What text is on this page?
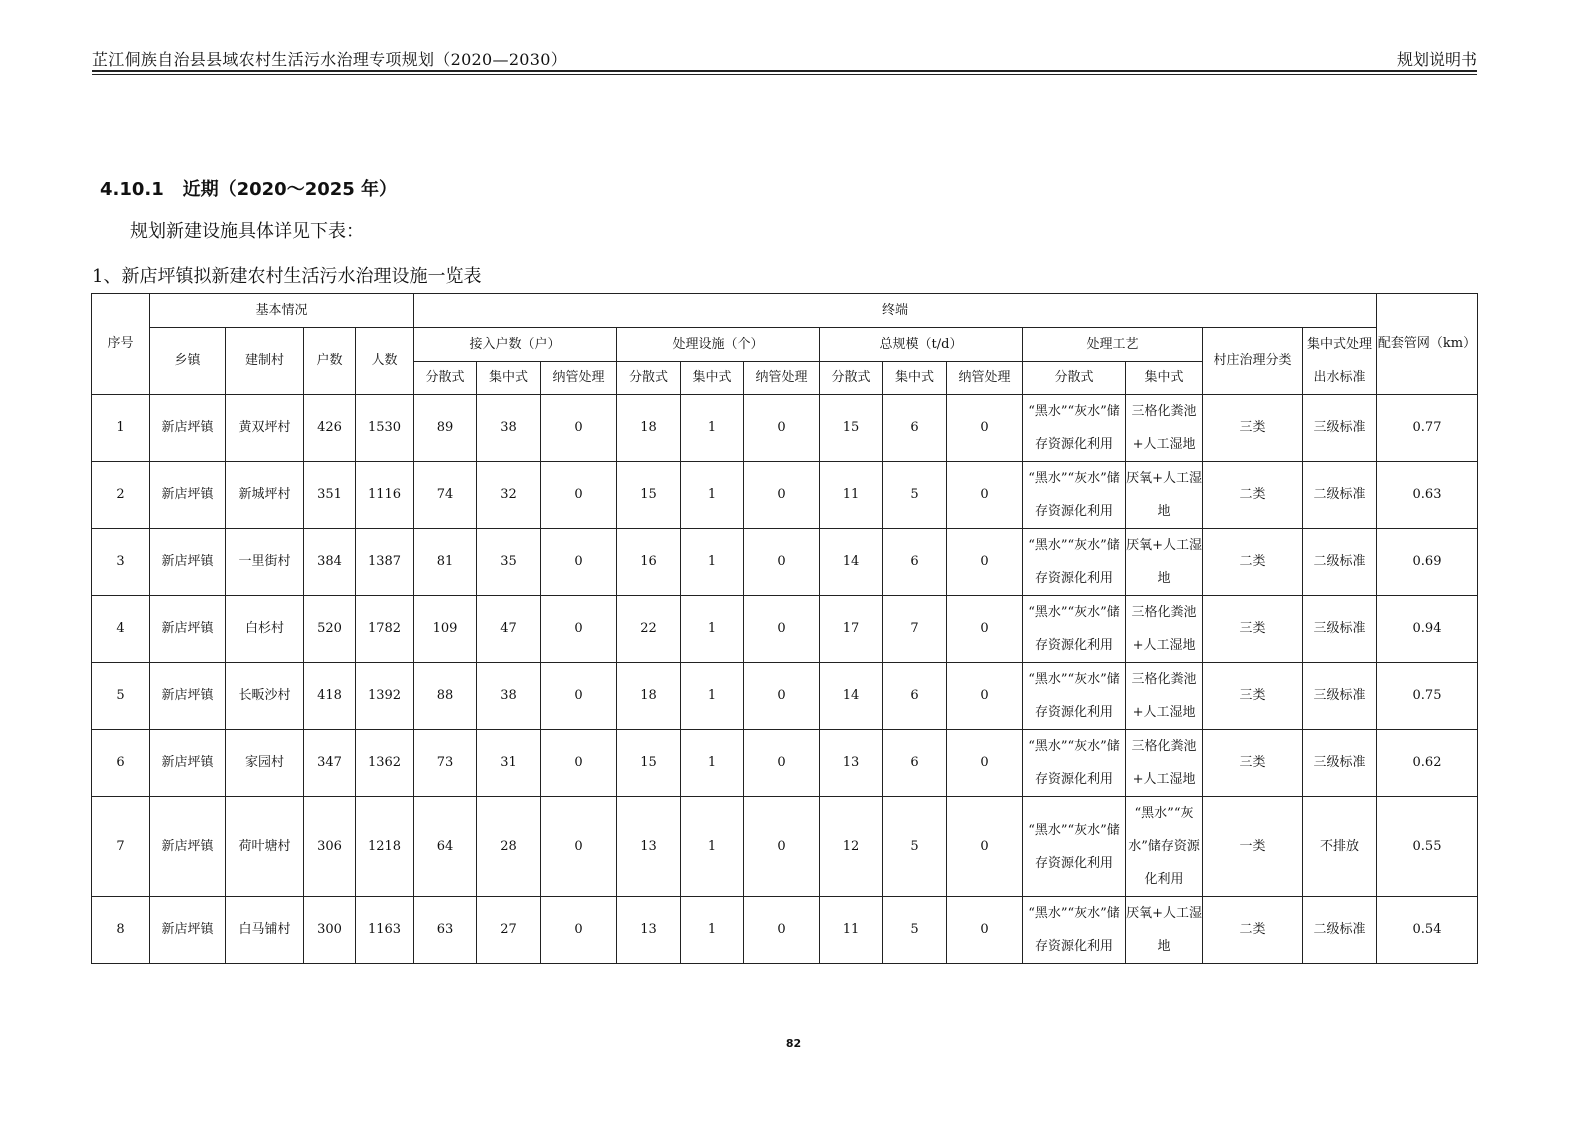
芷江侗族自治县县域农村生活污水治理专项规划（2020—2030）	规划说明书
4.10.1 近期（2020～2025 年）
规划新建设施具体详见下表：
1、新店坪镇拟新建农村生活污水治理设施一览表
序号	基本情况				终端													配套管网（km）
	乡镇	建制村	户数	人数	接入户数（户）			处理设施（个）			总规模（t/d）			处理工艺		村庄治理分类	集中式处理出水标准	

					分散式	集中式	纳管处理	分散式	集中式	纳管处理	分散式	集中式	纳管处理	分散式	集中式			
1	新店坪镇	黄双坪村	426	1530	89	38	0	18	1	0	15	6	0	“黑水”“灰水”储存资源化利用	三格化粪池+人工湿地	三类	三级标准	0.77
2	新店坪镇	新城坪村	351	1116	74	32	0	15	1	0	11	5	0	“黑水”“灰水”储存资源化利用	厌氧+人工湿地	二类	二级标准	0.63
3	新店坪镇	一里街村	384	1387	81	35	0	16	1	0	14	6	0	“黑水”“灰水”储存资源化利用	厌氧+人工湿地	二类	二级标准	0.69
4	新店坪镇	白杉村	520	1782	109	47	0	22	1	0	17	7	0	“黑水”“灰水”储存资源化利用	三格化粪池+人工湿地	三类	三级标准	0.94
5	新店坪镇	长畈沙村	418	1392	88	38	0	18	1	0	14	6	0	“黑水”“灰水”储存资源化利用	三格化粪池+人工湿地	三类	三级标准	0.75
6	新店坪镇	家园村	347	1362	73	31	0	15	1	0	13	6	0	“黑水”“灰水”储存资源化利用	三格化粪池+人工湿地	三类	三级标准	0.62
7	新店坪镇	荷叶塘村	306	1218	64	28	0	13	1	0	12	5	0	“黑水”“灰水”储存资源化利用	“黑水”“灰水”储存资源化利用	一类	不排放	0.55
8	新店坪镇	白马铺村	300	1163	63	27	0	13	1	0	11	5	0	“黑水”“灰水”储存资源化利用	厌氧+人工湿地	二类	二级标准	0.54
82
